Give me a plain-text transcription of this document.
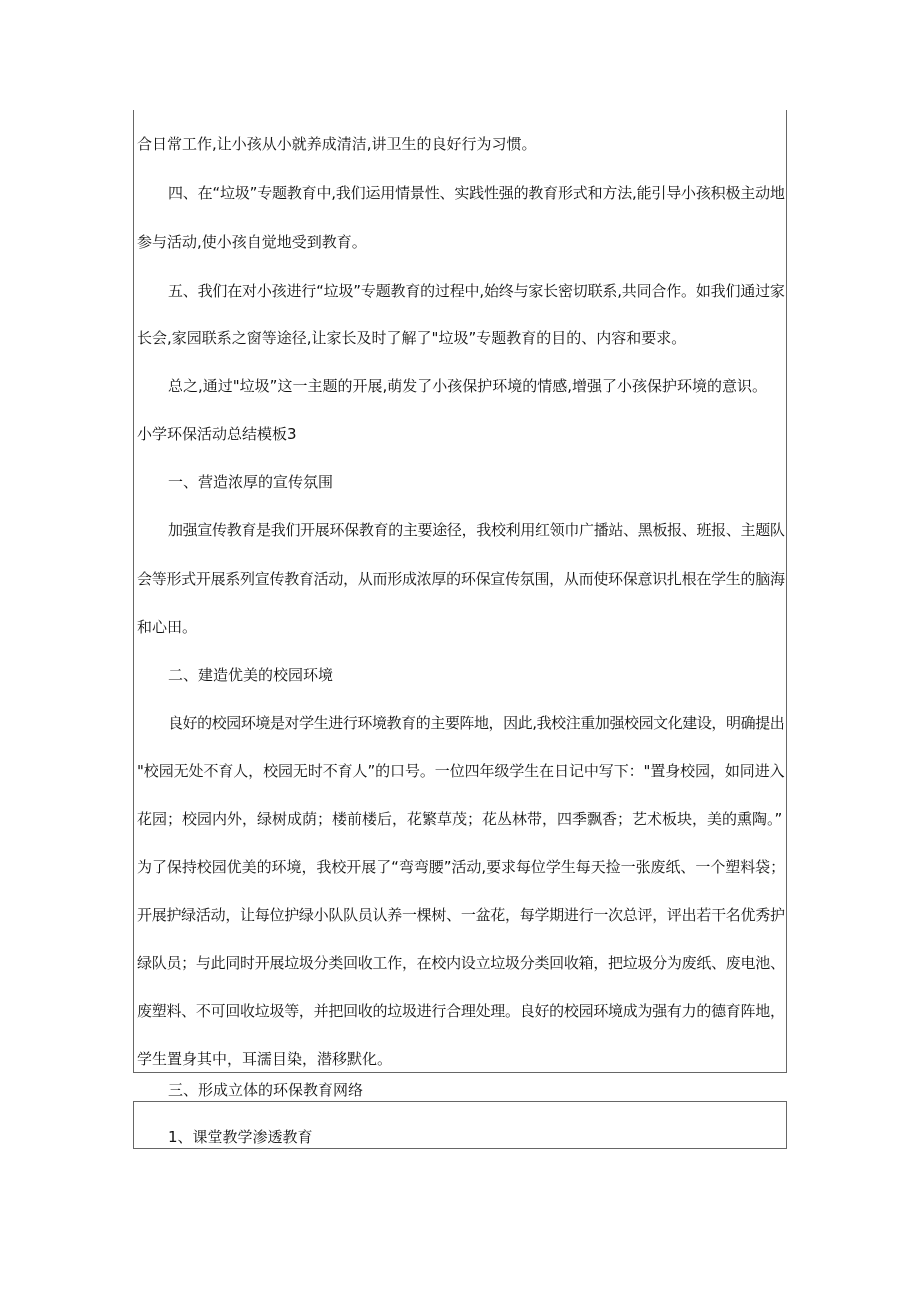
合日常工作,让小孩从小就养成清洁,讲卫生的良好行为习惯。
四、在“垃圾”专题教育中,我们运用情景性、实践性强的教育形式和方法,能引导小孩积极主动地
参与活动,使小孩自觉地受到教育。
五、我们在对小孩进行“垃圾”专题教育的过程中,始终与家长密切联系,共同合作。如我们通过家
长会,家园联系之窗等途径,让家长及时了解了"垃圾”专题教育的目的、内容和要求。
总之,通过"垃圾”这一主题的开展,萌发了小孩保护环境的情感,增强了小孩保护环境的意识。
小学环保活动总结模板3
一、营造浓厚的宣传氛围
加强宣传教育是我们开展环保教育的主要途径，我校利用红领巾广播站、黑板报、班报、主题队
会等形式开展系列宣传教育活动，从而形成浓厚的环保宣传氛围，从而使环保意识扎根在学生的脑海
和心田。
二、建造优美的校园环境
良好的校园环境是对学生进行环境教育的主要阵地，因此,我校注重加强校园文化建设，明确提出
"校园无处不育人，校园无时不育人”的口号。一位四年级学生在日记中写下："置身校园，如同进入
花园；校园内外，绿树成荫；楼前楼后，花繁草茂；花丛林带，四季飘香；艺术板块，美的熏陶。”
为了保持校园优美的环境，我校开展了“弯弯腰”活动,要求每位学生每天捡一张废纸、一个塑料袋；
开展护绿活动，让每位护绿小队队员认养一棵树、一盆花，每学期进行一次总评，评出若干名优秀护
绿队员；与此同时开展垃圾分类回收工作，在校内设立垃圾分类回收箱，把垃圾分为废纸、废电池、
废塑料、不可回收垃圾等，并把回收的垃圾进行合理处理。良好的校园环境成为强有力的德育阵地，
学生置身其中，耳濡目染，潜移默化。
三、形成立体的环保教育网络
1、课堂教学渗透教育
